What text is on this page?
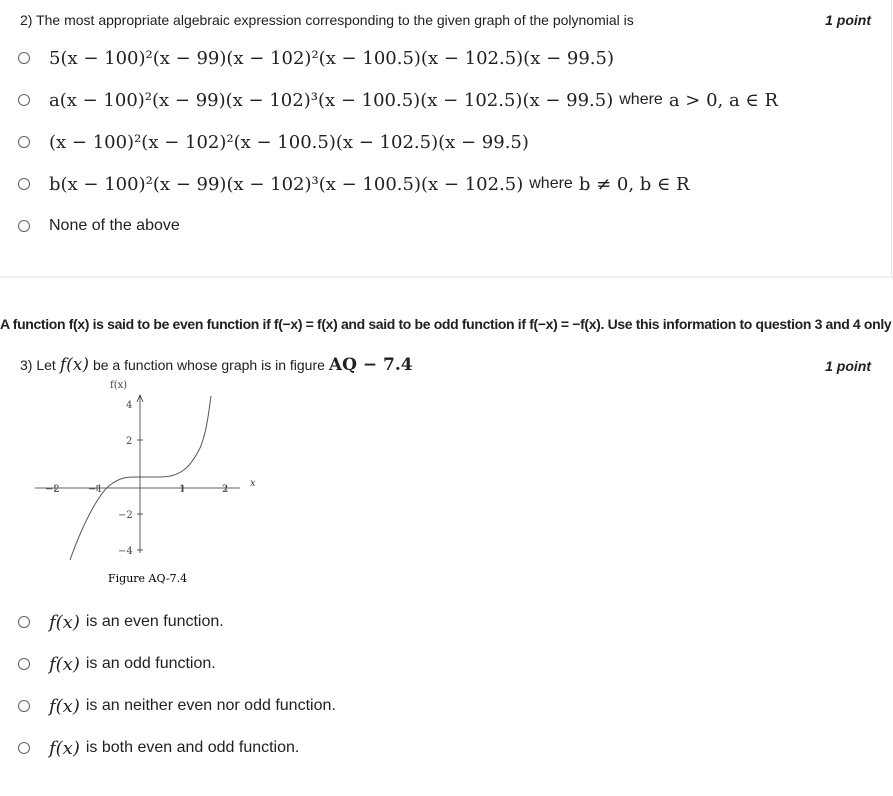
2) The most appropriate algebraic expression corresponding to the given graph of the polynomial is	1 point
5(x − 100)²(x − 99)(x − 102)²(x − 100.5)(x − 102.5)(x − 99.5)
a(x − 100)²(x − 99)(x − 102)³(x − 100.5)(x − 102.5)(x − 99.5) where a > 0, a ∈ R
(x − 100)²(x − 102)²(x − 100.5)(x − 102.5)(x − 99.5)
b(x − 100)²(x − 99)(x − 102)³(x − 100.5)(x − 102.5) where b ≠ 0, b ∈ R
None of the above
A function f(x) is said to be even function if f(−x) = f(x) and said to be odd function if f(−x) = −f(x). Use this information to question 3 and 4 only
3) Let f(x) be a function whose graph is in figure AQ − 7.4	1 point
f(x)
x
−2	−1	1	2
4
2
−2
−4
Figure AQ-7.4
f(x) is an even function.
f(x) is an odd function.
f(x) is an neither even nor odd function.
f(x) is both even and odd function.
